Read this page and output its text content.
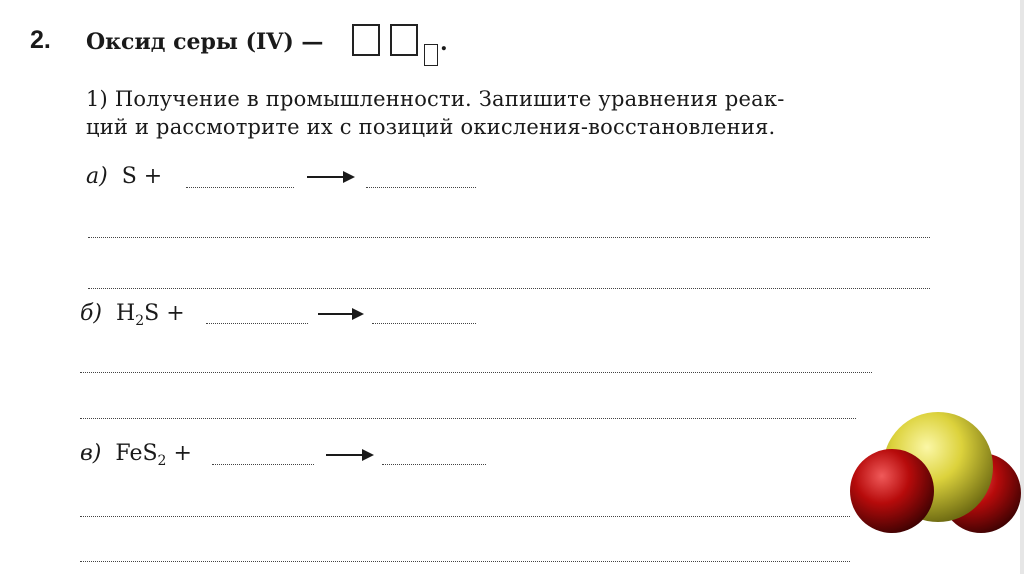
2. Оксид серы (IV) —	.
1) Получение в промышленности. Запишите уравнения реак-
ций и рассмотрите их с позиций окисления-восстановления.
а) S +
б) $H_2S$ +
в) FeS$_2$ +
